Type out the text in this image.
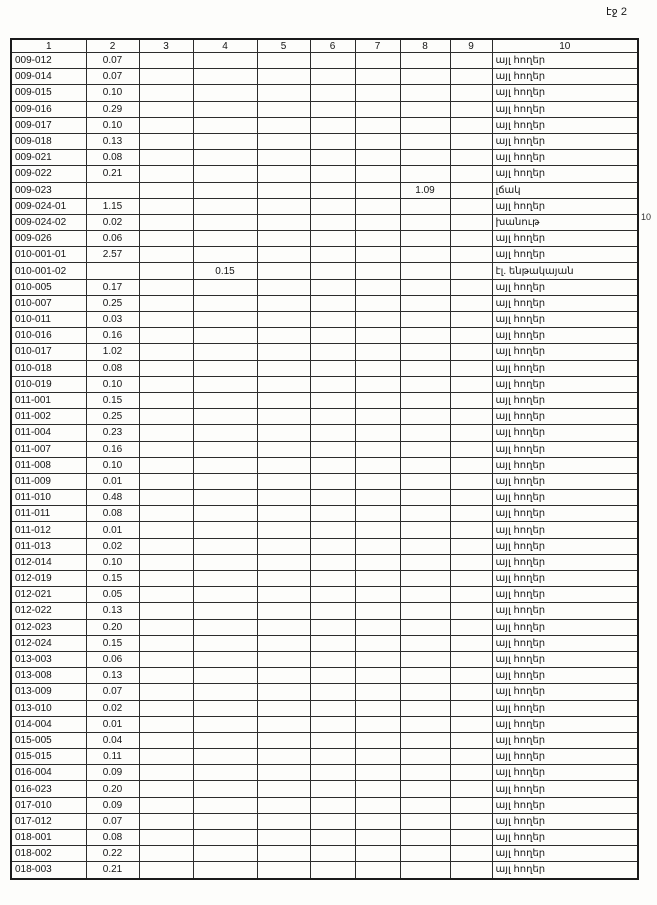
էջ 2
10
1	2	3	4	5	6	7	8	9	10
009-012	0.07								այլ հողեր
009-014	0.07								այլ հողեր
009-015	0.10								այլ հողեր
009-016	0.29								այլ հողեր
009-017	0.10								այլ հողեր
009-018	0.13								այլ հողեր
009-021	0.08								այլ հողեր
009-022	0.21								այլ հողեր
009-023							1.09		լճակ
009-024-01	1.15								այլ հողեր
009-024-02	0.02								խանութ
009-026	0.06								այլ հողեր
010-001-01	2.57								այլ հողեր
010-001-02			0.15						էլ. ենթակայան
010-005	0.17								այլ հողեր
010-007	0.25								այլ հողեր
010-011	0.03								այլ հողեր
010-016	0.16								այլ հողեր
010-017	1.02								այլ հողեր
010-018	0.08								այլ հողեր
010-019	0.10								այլ հողեր
011-001	0.15								այլ հողեր
011-002	0.25								այլ հողեր
011-004	0.23								այլ հողեր
011-007	0.16								այլ հողեր
011-008	0.10								այլ հողեր
011-009	0.01								այլ հողեր
011-010	0.48								այլ հողեր
011-011	0.08								այլ հողեր
011-012	0.01								այլ հողեր
011-013	0.02								այլ հողեր
012-014	0.10								այլ հողեր
012-019	0.15								այլ հողեր
012-021	0.05								այլ հողեր
012-022	0.13								այլ հողեր
012-023	0.20								այլ հողեր
012-024	0.15								այլ հողեր
013-003	0.06								այլ հողեր
013-008	0.13								այլ հողեր
013-009	0.07								այլ հողեր
013-010	0.02								այլ հողեր
014-004	0.01								այլ հողեր
015-005	0.04								այլ հողեր
015-015	0.11								այլ հողեր
016-004	0.09								այլ հողեր
016-023	0.20								այլ հողեր
017-010	0.09								այլ հողեր
017-012	0.07								այլ հողեր
018-001	0.08								այլ հողեր
018-002	0.22								այլ հողեր
018-003	0.21								այլ հողեր
